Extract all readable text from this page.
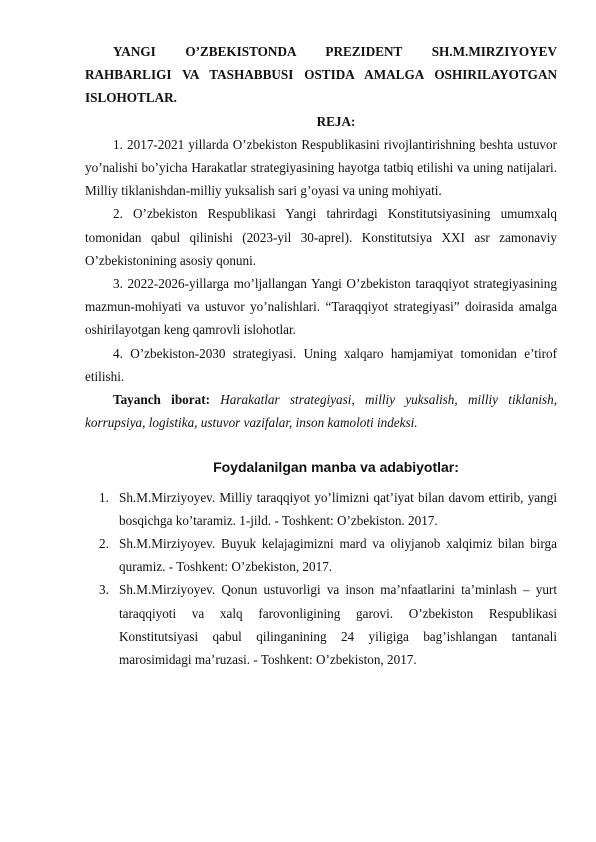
YANGI O’ZBEKISTONDA PREZIDENT SH.M.MIRZIYOYEV RAHBARLIGI VA TASHABBUSI OSTIDA AMALGA OSHIRILAYOTGAN ISLOHOTLAR.

REJA:

1. 2017-2021 yillarda O’zbekiston Respublikasini rivojlantirishning beshta ustuvor yo’nalishi bo’yicha Harakatlar strategiyasining hayotga tatbiq etilishi va uning natijalari. Milliy tiklanishdan-milliy yuksalish sari g’oyasi va uning mohiyati.

2. O’zbekiston Respublikasi Yangi tahrirdagi Konstitutsiyasining umumxalq tomonidan qabul qilinishi (2023-yil 30-aprel). Konstitutsiya XXI asr zamonaviy O’zbekistonining asosiy qonuni.

3. 2022-2026-yillarga mo’ljallangan Yangi O’zbekiston taraqqiyot strategiyasining mazmun-mohiyati va ustuvor yo’nalishlari. “Taraqqiyot strategiyasi” doirasida amalga oshirilayotgan keng qamrovli islohotlar.

4. O’zbekiston-2030 strategiyasi. Uning xalqaro hamjamiyat tomonidan e’tirof etilishi.

Tayanch iborat: Harakatlar strategiyasi, milliy yuksalish, milliy tiklanish, korrupsiya, logistika, ustuvor vazifalar, inson kamoloti indeksi.

Foydalanilgan manba va adabiyotlar:

1. Sh.M.Mirziyoyev. Milliy taraqqiyot yo’limizni qat’iyat bilan davom ettirib, yangi bosqichga ko’taramiz. 1-jild. - Toshkent: O’zbekiston. 2017.
2. Sh.M.Mirziyoyev. Buyuk kelajagimizni mard va oliyjanob xalqimiz bilan birga quramiz. - Toshkent: O’zbekiston, 2017.
3. Sh.M.Mirziyoyev. Qonun ustuvorligi va inson ma’nfaatlarini ta’minlash – yurt taraqqiyoti va xalq farovonligining garovi. O’zbekiston Respublikasi Konstitutsiyasi qabul qilinganining 24 yiligiga bag’ishlangan tantanali marosimidagi ma’ruzasi. - Toshkent: O’zbekiston, 2017.
